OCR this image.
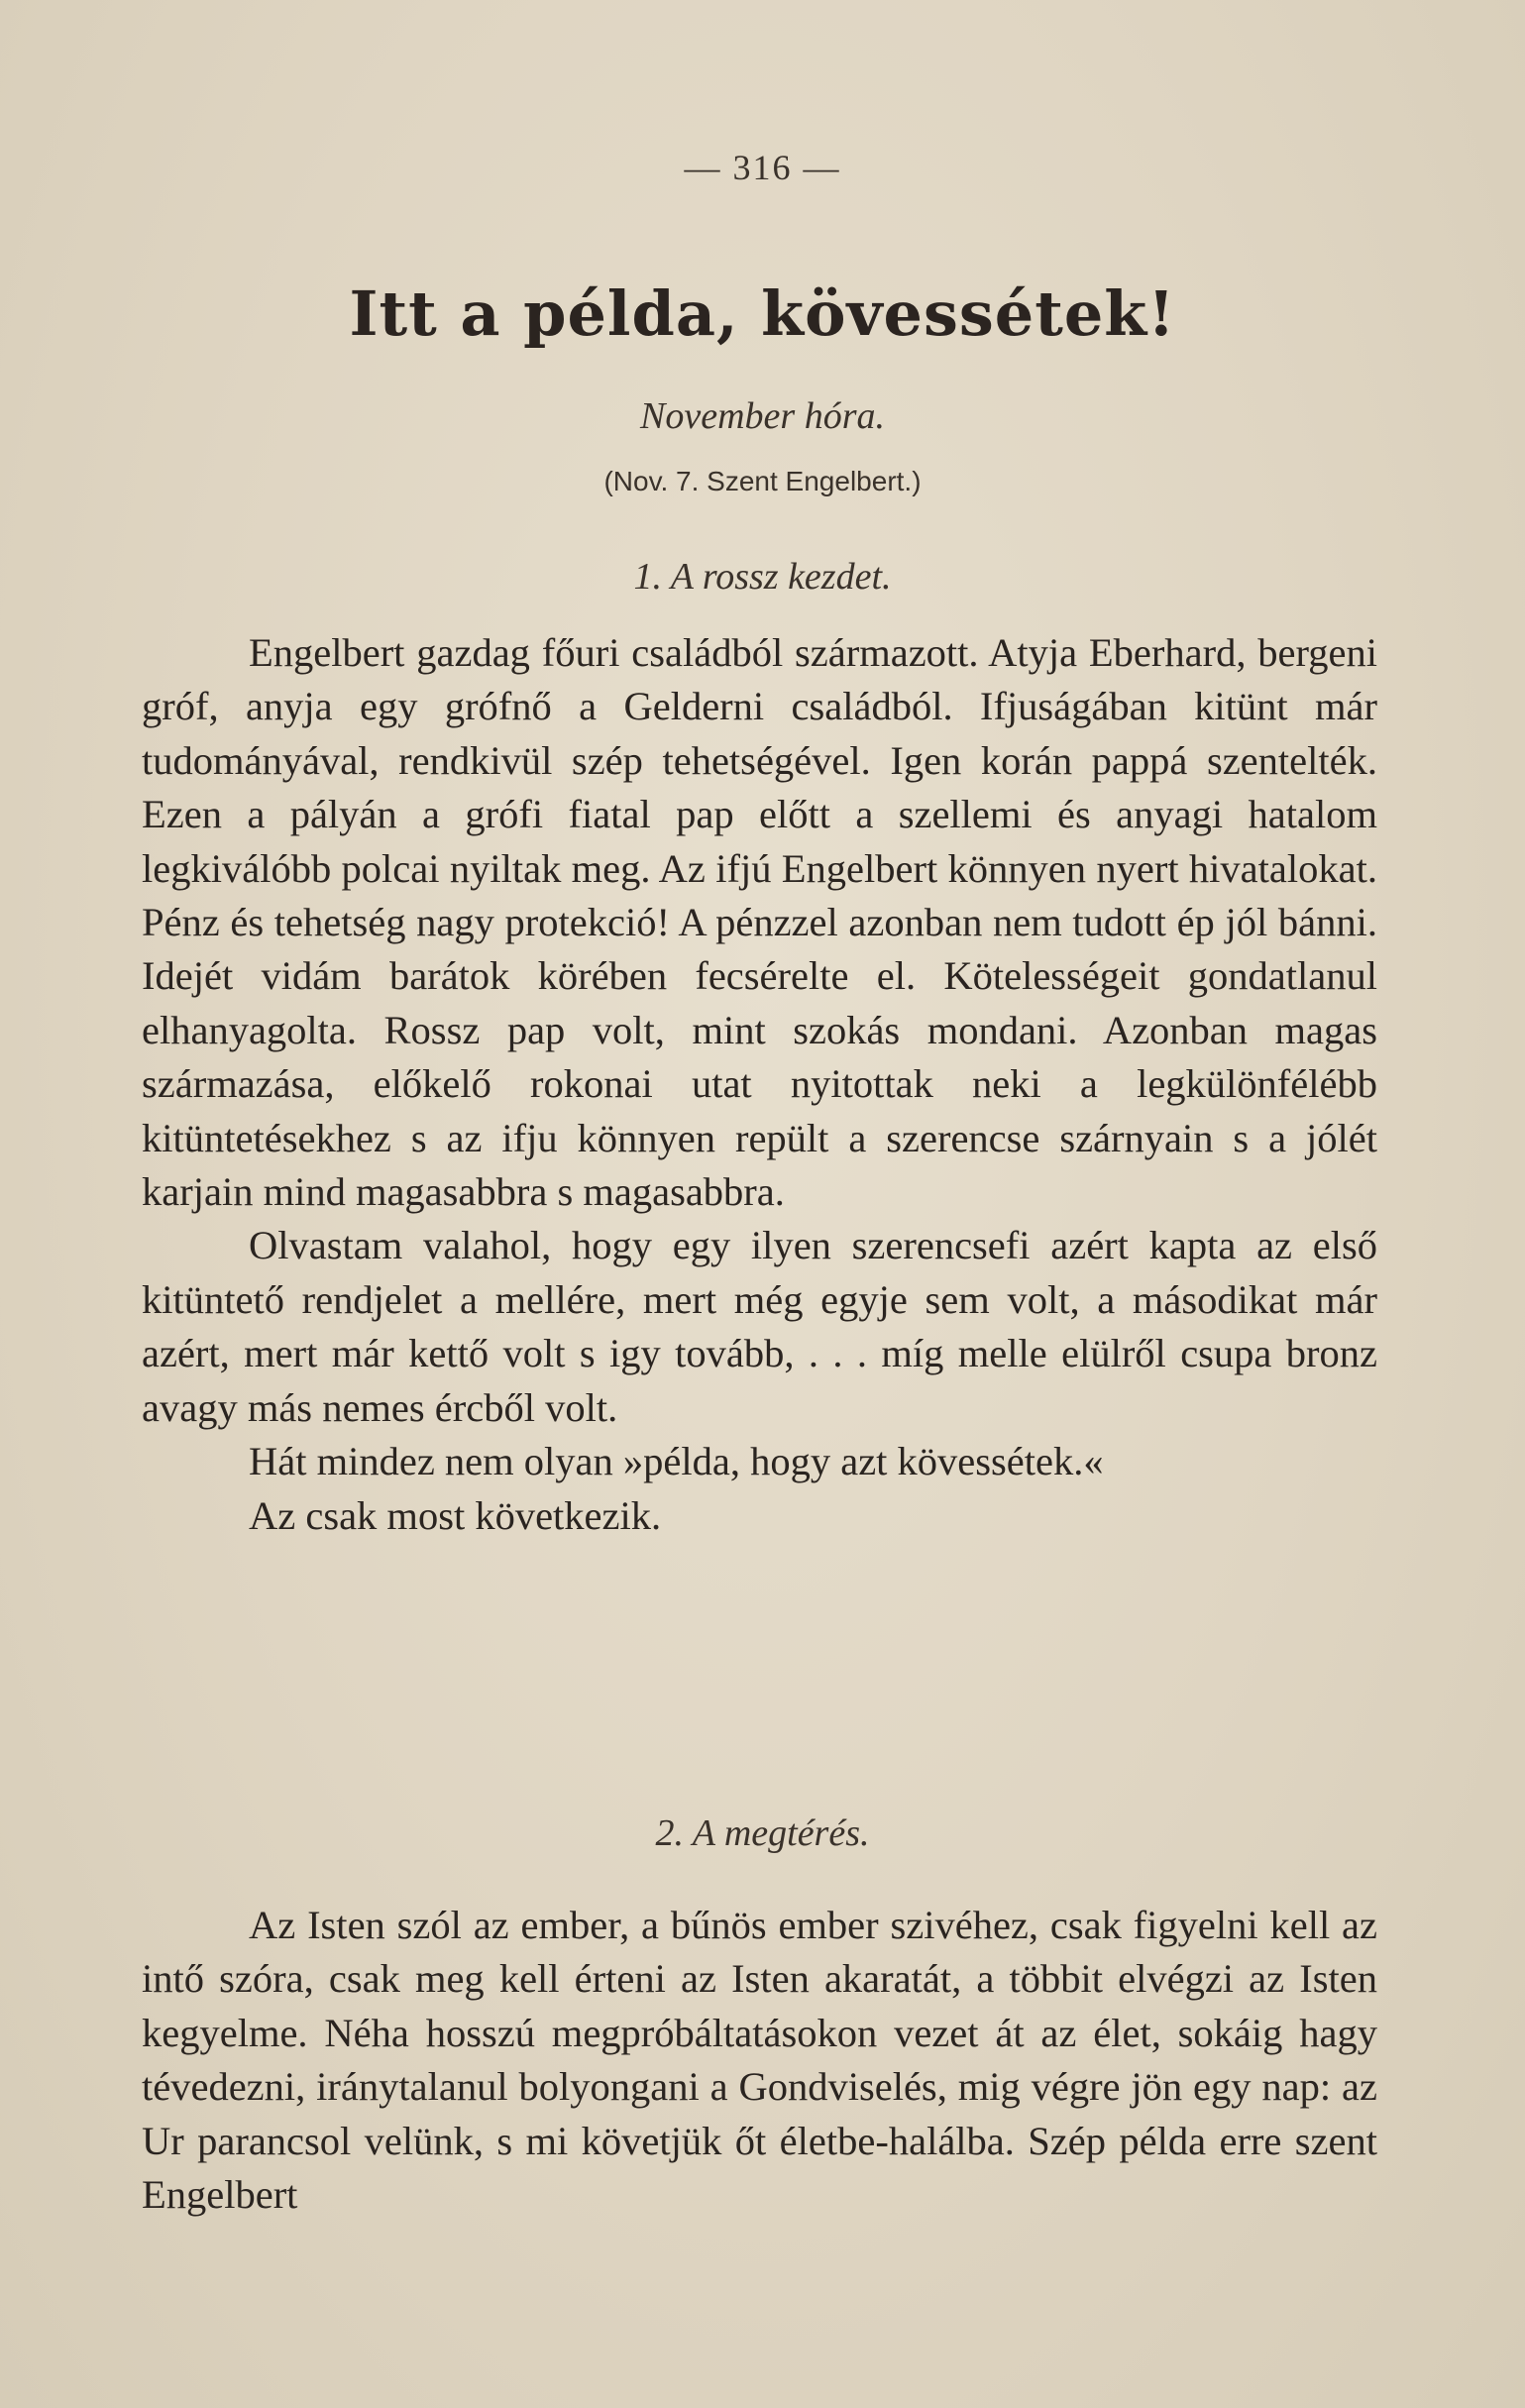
— 316 —
Itt a példa, kövessétek!
November hóra.
(Nov. 7. Szent Engelbert.)
1. A rossz kezdet.

Engelbert gazdag főuri családból származott. Atyja Eberhard, bergeni gróf, anyja egy grófnő a Gelderni családból. Ifjuságában kitünt már tudományával, rendkivül szép tehetségével. Igen korán pappá szentelték. Ezen a pályán a grófi fiatal pap előtt a szellemi és anyagi hatalom legkiválóbb polcai nyiltak meg. Az ifjú Engelbert könnyen nyert hivatalokat. Pénz és tehetség nagy protekció! A pénzzel azonban nem tudott ép jól bánni. Idejét vidám barátok körében fecsérelte el. Kötelességeit gondatlanul elhanyagolta. Rossz pap volt, mint szokás mondani. Azonban magas származása, előkelő rokonai utat nyitottak neki a legkülönfélébb kitüntetésekhez s az ifju könnyen repült a szerencse szárnyain s a jólét karjain mind magasabbra s magasabbra.

Olvastam valahol, hogy egy ilyen szerencsefi azért kapta az első kitüntető rendjelet a mellére, mert még egyje sem volt, a másodikat már azért, mert már kettő volt s igy tovább, . . . míg melle elülről csupa bronz avagy más nemes ércből volt.

Hát mindez nem olyan »példa, hogy azt kövessétek.«

Az csak most következik.

2. A megtérés.

Az Isten szól az ember, a bűnös ember szivéhez, csak figyelni kell az intő szóra, csak meg kell érteni az Isten akaratát, a többit elvégzi az Isten kegyelme. Néha hosszú megpróbáltatásokon vezet át az élet, sokáig hagy tévedezni, iránytalanul bolyongani a Gondviselés, mig végre jön egy nap: az Ur parancsol velünk, s mi követjük őt életbe-halálba. Szép példa erre szent Engelbert
